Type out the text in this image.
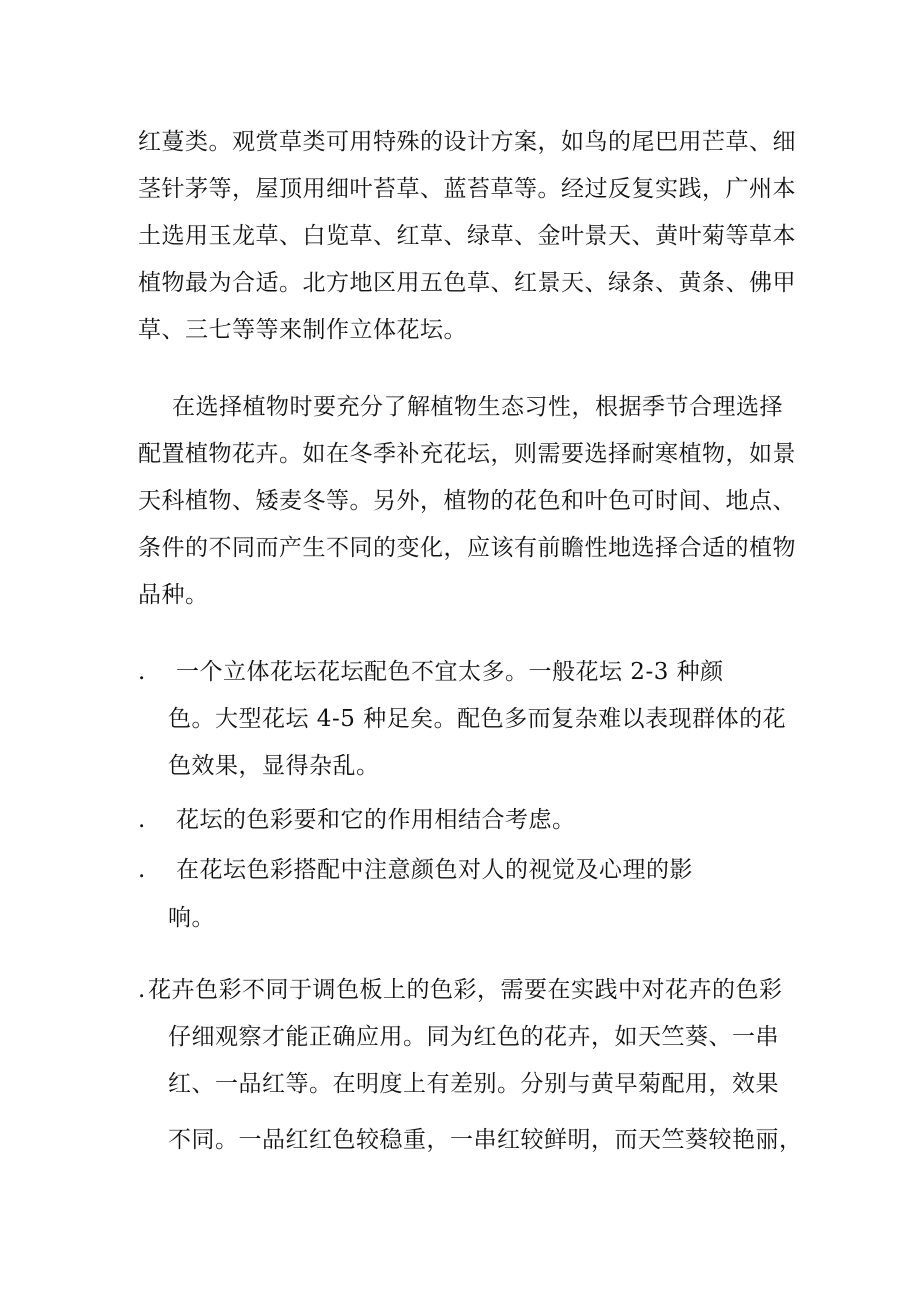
红蔓类。观赏草类可用特殊的设计方案，如鸟的尾巴用芒草、细
茎针茅等，屋顶用细叶苔草、蓝苔草等。经过反复实践，广州本
土选用玉龙草、白览草、红草、绿草、金叶景天、黄叶菊等草本
植物最为合适。北方地区用五色草、红景天、绿条、黄条、佛甲
草、三七等等来制作立体花坛。
在选择植物时要充分了解植物生态习性，根据季节合理选择
配置植物花卉。如在冬季补充花坛，则需要选择耐寒植物，如景
天科植物、矮麦冬等。另外，植物的花色和叶色可时间、地点、
条件的不同而产生不同的变化，应该有前瞻性地选择合适的植物
品种。
. 一个立体花坛花坛配色不宜太多。一般花坛 2-3 种颜
色。大型花坛 4-5 种足矣。配色多而复杂难以表现群体的花
色效果，显得杂乱。
. 花坛的色彩要和它的作用相结合考虑。
. 在花坛色彩搭配中注意颜色对人的视觉及心理的影
响。
. 花卉色彩不同于调色板上的色彩，需要在实践中对花卉的色彩
仔细观察才能正确应用。同为红色的花卉，如天竺葵、一串
红、一品红等。在明度上有差别。分别与黄早菊配用，效果
不同。一品红红色较稳重，一串红较鲜明，而天竺葵较艳丽，
